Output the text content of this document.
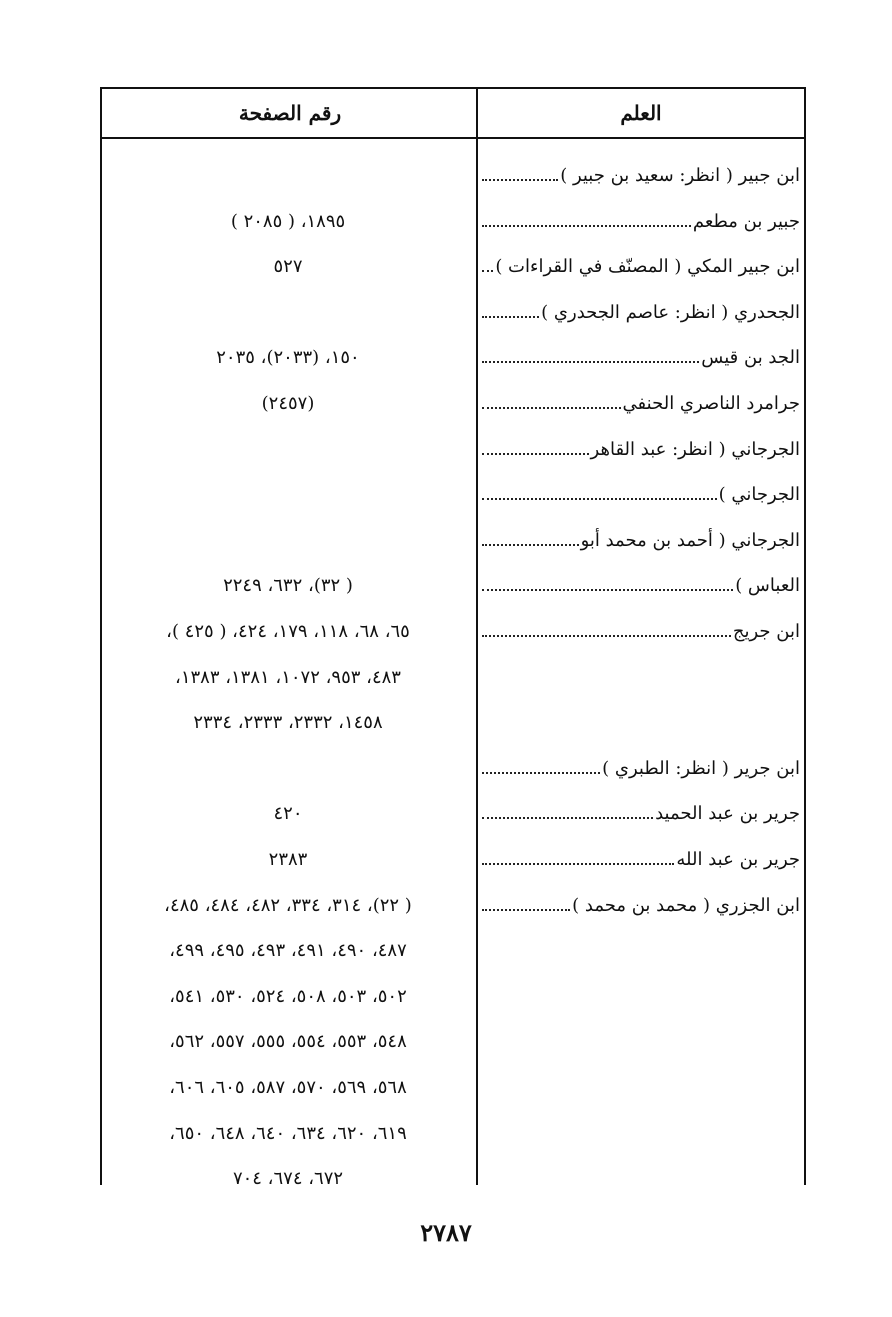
العلم
رقم الصفحة
ابن جبير ( انظر: سعيد بن جبير )
جبير بن مطعم
١٨٩٥، ( ٢٠٨٥ )
ابن جبير المكي ( المصنّف في القراءات )
٥٢٧
الجحدري ( انظر: عاصم الجحدري )
الجد بن قيس
١٥٠، (٢٠٣٣)، ٢٠٣٥
جرامرد الناصري الحنفي
(٢٤٥٧)
الجرجاني ( انظر: عبد القاهر
الجرجاني )
الجرجاني ( أحمد بن محمد أبو
العباس )
( ٣٢)، ٦٣٢، ٢٢٤٩
ابن جريج
٦٥، ٦٨، ١١٨، ١٧٩، ٤٢٤، ( ٤٢٥ )،
٤٨٣، ٩٥٣، ١٠٧٢، ١٣٨١، ١٣٨٣،
١٤٥٨، ٢٣٣٢، ٢٣٣٣، ٢٣٣٤
ابن جرير ( انظر: الطبري )
جرير بن عبد الحميد
٤٢٠
جرير بن عبد الله
٢٣٨٣
ابن الجزري ( محمد بن محمد )
( ٢٢)، ٣١٤، ٣٣٤، ٤٨٢، ٤٨٤، ٤٨٥،
٤٨٧، ٤٩٠، ٤٩١، ٤٩٣، ٤٩٥، ٤٩٩،
٥٠٢، ٥٠٣، ٥٠٨، ٥٢٤، ٥٣٠، ٥٤١،
٥٤٨، ٥٥٣، ٥٥٤، ٥٥٥، ٥٥٧، ٥٦٢،
٥٦٨، ٥٦٩، ٥٧٠، ٥٨٧، ٦٠٥، ٦٠٦،
٦١٩، ٦٢٠، ٦٣٤، ٦٤٠، ٦٤٨، ٦٥٠،
٦٧٢، ٦٧٤، ٧٠٤
٢٧٨٧
